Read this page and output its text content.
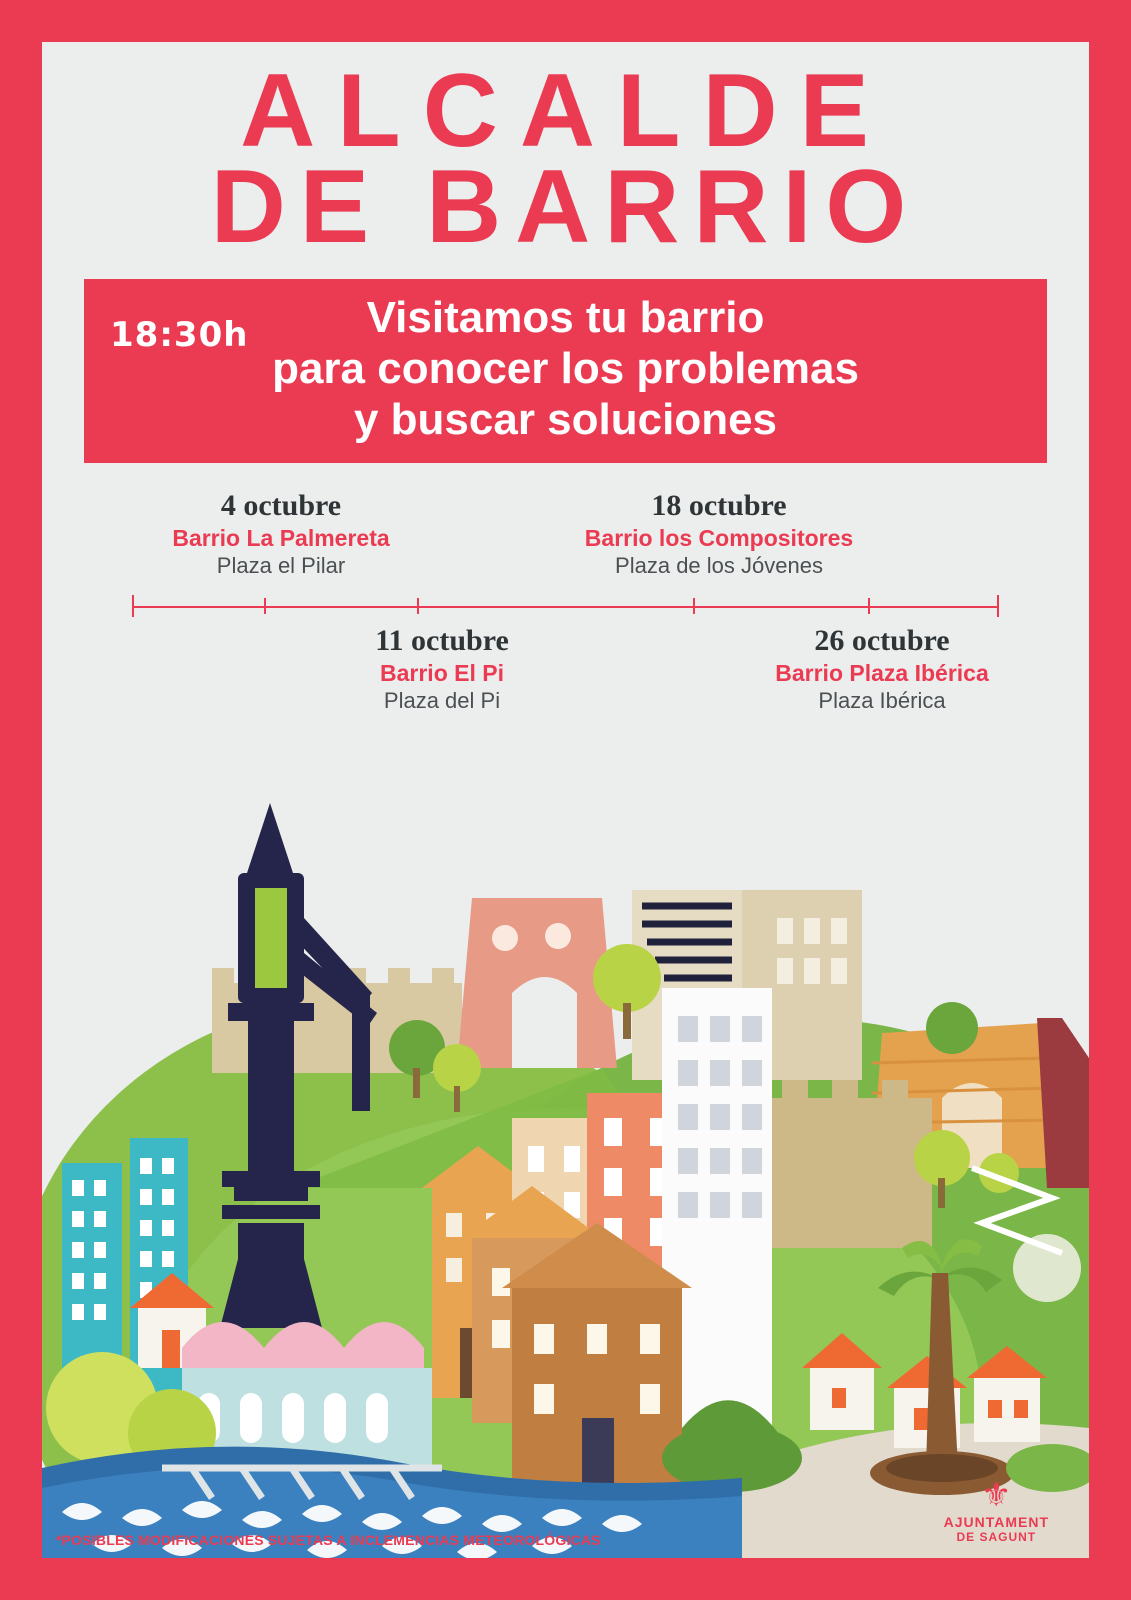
ALCALDE
DE BARRIO
Visitamos tu barrio
para conocer los problemas
y buscar soluciones
4 octubre
Barrio La Palmereta
Plaza el Pilar
18 octubre
Barrio los Compositores
Plaza de los Jóvenes
11 octubre
Barrio El Pi
Plaza del Pi
26 octubre
Barrio Plaza Ibérica
Plaza Ibérica
18:30h
*POSIBLES MODIFICACIONES SUJETAS A INCLEMENCIAS METEOROLÓGICAS
⚜
AJUNTAMENT
DE SAGUNT
